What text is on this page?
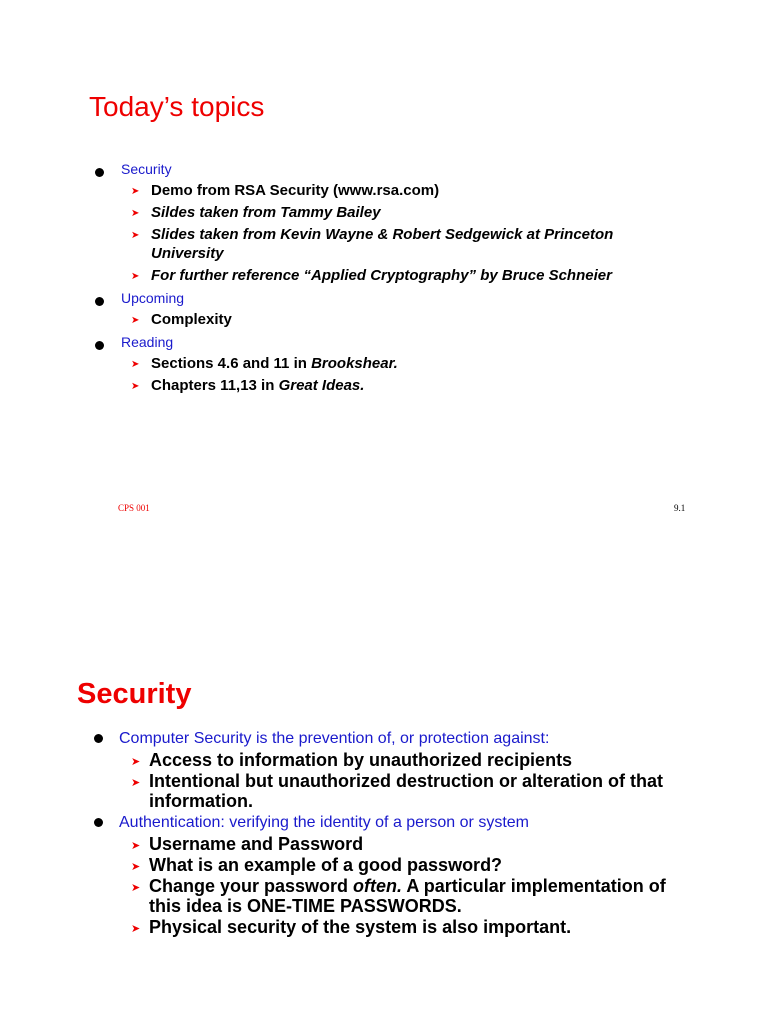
Today’s topics
Security
➤ Demo from RSA Security (www.rsa.com)
➤ Sildes taken from Tammy Bailey
➤ Slides taken from Kevin Wayne & Robert Sedgewick at Princeton University
➤ For further reference “Applied Cryptography” by Bruce Schneier
Upcoming
➤ Complexity
Reading
➤ Sections 4.6 and 11 in Brookshear.
➤ Chapters 11,13 in Great Ideas.
CPS 001	9.1
Security
Computer Security is the prevention of, or protection against:
➤ Access to information by unauthorized recipients
➤ Intentional but unauthorized destruction or alteration of that information.
Authentication: verifying the identity of a person or system
➤ Username and Password
➤ What is an example of a good password?
➤ Change your password often. A particular implementation of this idea is ONE-TIME PASSWORDS.
➤ Physical security of the system is also important.
